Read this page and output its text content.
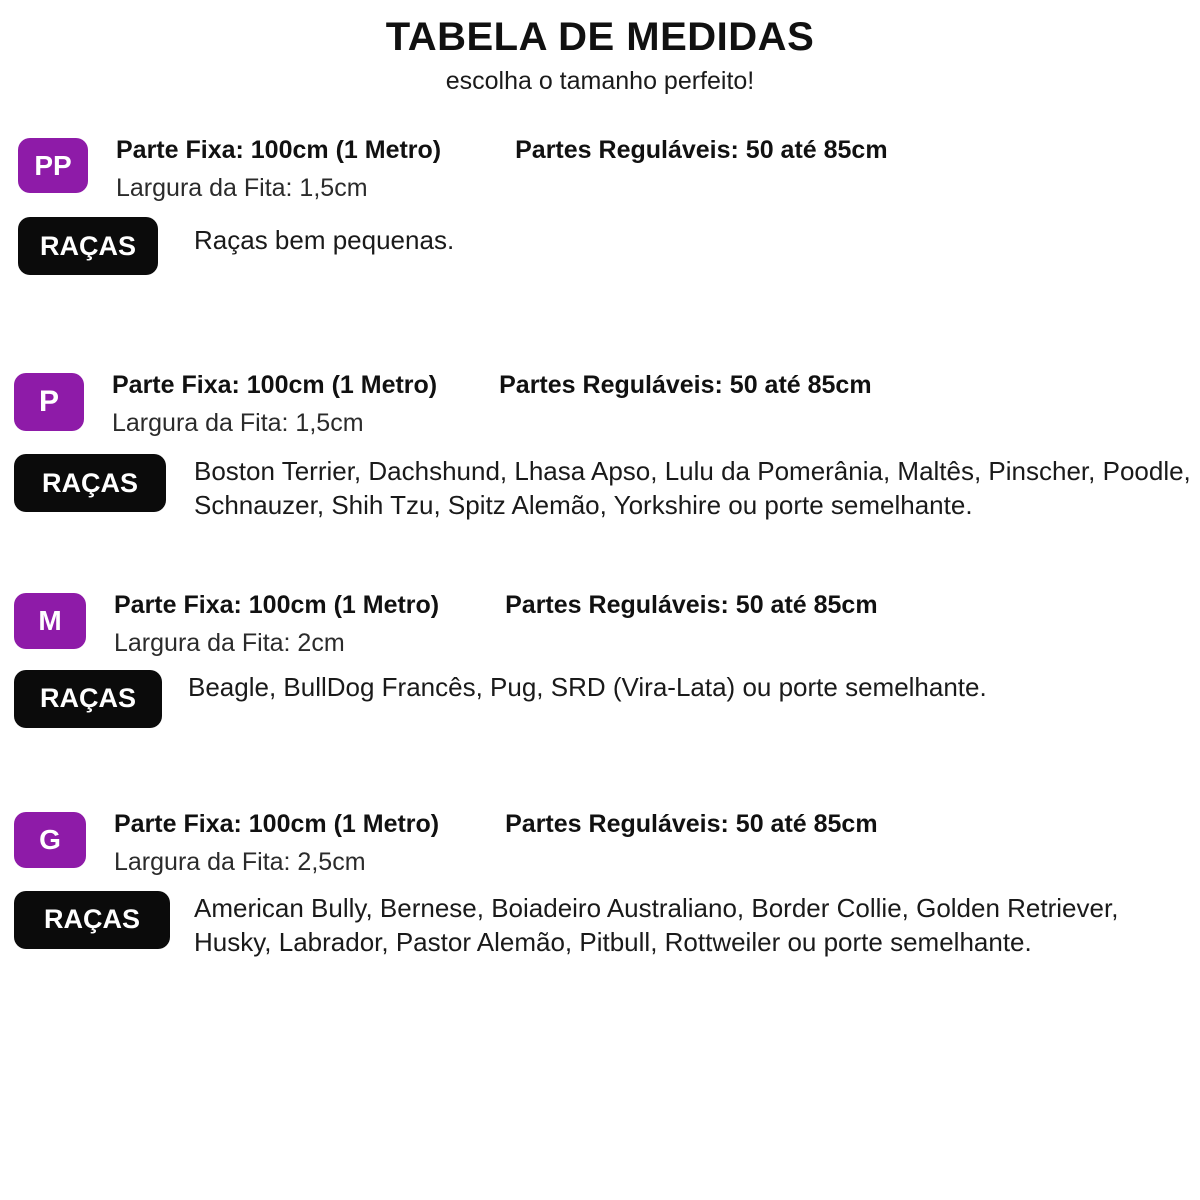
TABELA DE MEDIDAS

escolha o tamanho perfeito!

PP	Parte Fixa: 100cm (1 Metro)	Partes Reguláveis: 50 até 85cm
Largura da Fita: 1,5cm
RAÇAS	Raças bem pequenas.
P	Parte Fixa: 100cm (1 Metro) Partes Reguláveis: 50 até 85cm
Largura da Fita: 1,5cm
RAÇAS	Boston Terrier, Dachshund, Lhasa Apso, Lulu da Pomerânia, Maltês, Pinscher, Poodle, Schnauzer, Shih Tzu, Spitz Alemão, Yorkshire ou porte semelhante.
M	Parte Fixa: 100cm (1 Metro)	Partes Reguláveis: 50 até 85cm
Largura da Fita: 2cm
RAÇAS	Beagle, BullDog Francês, Pug, SRD (Vira-Lata) ou porte semelhante.
G	Parte Fixa: 100cm (1 Metro)	Partes Reguláveis: 50 até 85cm
Largura da Fita: 2,5cm
RAÇAS	American Bully, Bernese, Boiadeiro Australiano, Border Collie, Golden Retriever, Husky, Labrador, Pastor Alemão, Pitbull, Rottweiler ou porte semelhante.
